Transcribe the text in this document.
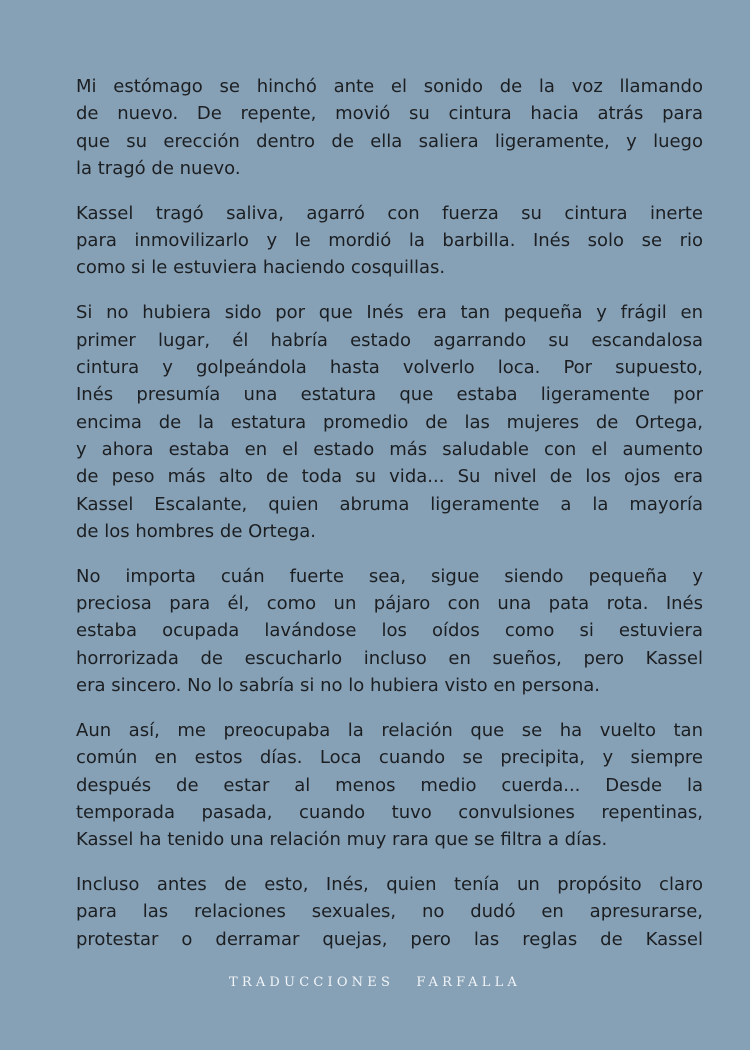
Mi estómago se hinchó ante el sonido de la voz llamando
de nuevo. De repente, movió su cintura hacia atrás para
que su erección dentro de ella saliera ligeramente, y luego
la tragó de nuevo.
Kassel tragó saliva, agarró con fuerza su cintura inerte
para inmovilizarlo y le mordió la barbilla. Inés solo se rio
como si le estuviera haciendo cosquillas.
Si no hubiera sido por que Inés era tan pequeña y frágil en
primer lugar, él habría estado agarrando su escandalosa
cintura y golpeándola hasta volverlo loca. Por supuesto,
Inés presumía una estatura que estaba ligeramente por
encima de la estatura promedio de las mujeres de Ortega,
y ahora estaba en el estado más saludable con el aumento
de peso más alto de toda su vida... Su nivel de los ojos era
Kassel Escalante, quien abruma ligeramente a la mayoría
de los hombres de Ortega.
No importa cuán fuerte sea, sigue siendo pequeña y
preciosa para él, como un pájaro con una pata rota. Inés
estaba ocupada lavándose los oídos como si estuviera
horrorizada de escucharlo incluso en sueños, pero Kassel
era sincero. No lo sabría si no lo hubiera visto en persona.
Aun así, me preocupaba la relación que se ha vuelto tan
común en estos días. Loca cuando se precipita, y siempre
después de estar al menos medio cuerda... Desde la
temporada pasada, cuando tuvo convulsiones repentinas,
Kassel ha tenido una relación muy rara que se filtra a días.
Incluso antes de esto, Inés, quien tenía un propósito claro
para las relaciones sexuales, no dudó en apresurarse,
protestar o derramar quejas, pero las reglas de Kassel
TRADUCCIONES FARFALLA
